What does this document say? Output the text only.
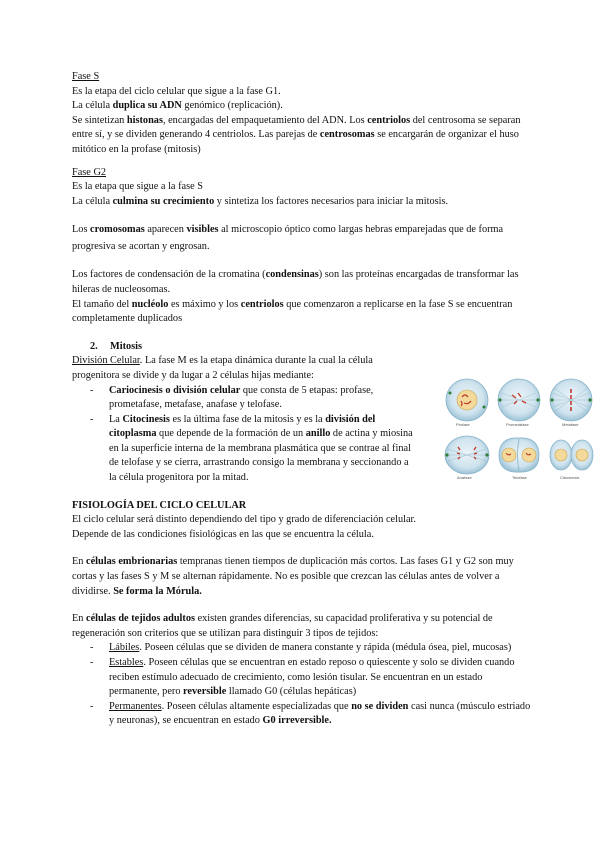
Fase S

Es la etapa del ciclo celular que sigue a la fase G1.

La célula duplica su ADN genómico (replicación).

Se sintetizan histonas, encargadas del empaquetamiento del ADN. Los centriolos del centrosoma se separan entre sí, y se dividen generando 4 centriolos. Las parejas de centrosomas se encargarán de organizar el huso mitótico en la profase (mitosis)

Fase G2

Es la etapa que sigue a la fase S

La célula culmina su crecimiento y sintetiza los factores necesarios para iniciar la mitosis.

Los cromosomas aparecen visibles al microscopio óptico como largas hebras emparejadas que de forma progresiva se acortan y engrosan.

Los factores de condensación de la cromatina (condensinas) son las proteínas encargadas de transformar las hileras de nucleosomas.

El tamaño del nucléolo es máximo y los centriolos que comenzaron a replicarse en la fase S se encuentran completamente duplicados

2. Mitosis

División Celular. La fase M es la etapa dinámica durante la cual la célula progenitora se divide y da lugar a 2 células hijas mediante:

- Cariocinesis o división celular que consta de 5 etapas: profase, prometafase, metafase, anafase y telofase.
- La Citocinesis es la última fase de la mitosis y es la división del citoplasma que depende de la formación de un anillo de actina y miosina en la superficie interna de la membrana plasmática que se contrae al final de telofase y se cierra, arrastrando consigo la membrana y seccionando a la célula progenitora por la mitad.

FISIOLOGÍA DEL CICLO CELULAR

El ciclo celular será distinto dependiendo del tipo y grado de diferenciación celular.

Depende de las condiciones fisiológicas en las que se encuentra la célula.

En células embrionarias tempranas tienen tiempos de duplicación más cortos. Las fases G1 y G2 son muy cortas y las fases S y M se alternan rápidamente. No es posible que crezcan las células antes de volver a dividirse. Se forma la Mórula.

En células de tejidos adultos existen grandes diferencias, su capacidad proliferativa y su potencial de regeneración son criterios que se utilizan para distinguir 3 tipos de tejidos:

- Lábiles. Poseen células que se dividen de manera constante y rápida (médula ósea, piel, mucosas)
- Estables. Poseen células que se encuentran en estado reposo o quiescente y solo se dividen cuando reciben estímulo adecuado de crecimiento, como lesión tisular. Se encuentran en un estado permanente, pero reversible llamado G0 (células hepáticas)
- Permanentes. Poseen células altamente especializadas que no se dividen casi nunca (músculo estriado y neuronas), se encuentran en estado G0 irreversible.
Profase	Prometafase	Metafase
Anafase	Telofase	Citocinesis
